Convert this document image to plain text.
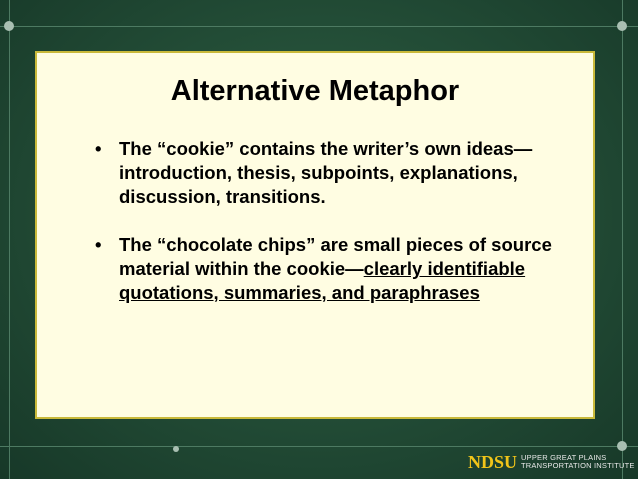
Alternative Metaphor
• The “cookie” contains the writer’s own ideas— introduction, thesis, subpoints, explanations, discussion, transitions.
• The “chocolate chips” are small pieces of source material within the cookie—clearly identifiable quotations, summaries, and paraphrases
NDSU UPPER GREAT PLAINS
TRANSPORTATION INSTITUTE
